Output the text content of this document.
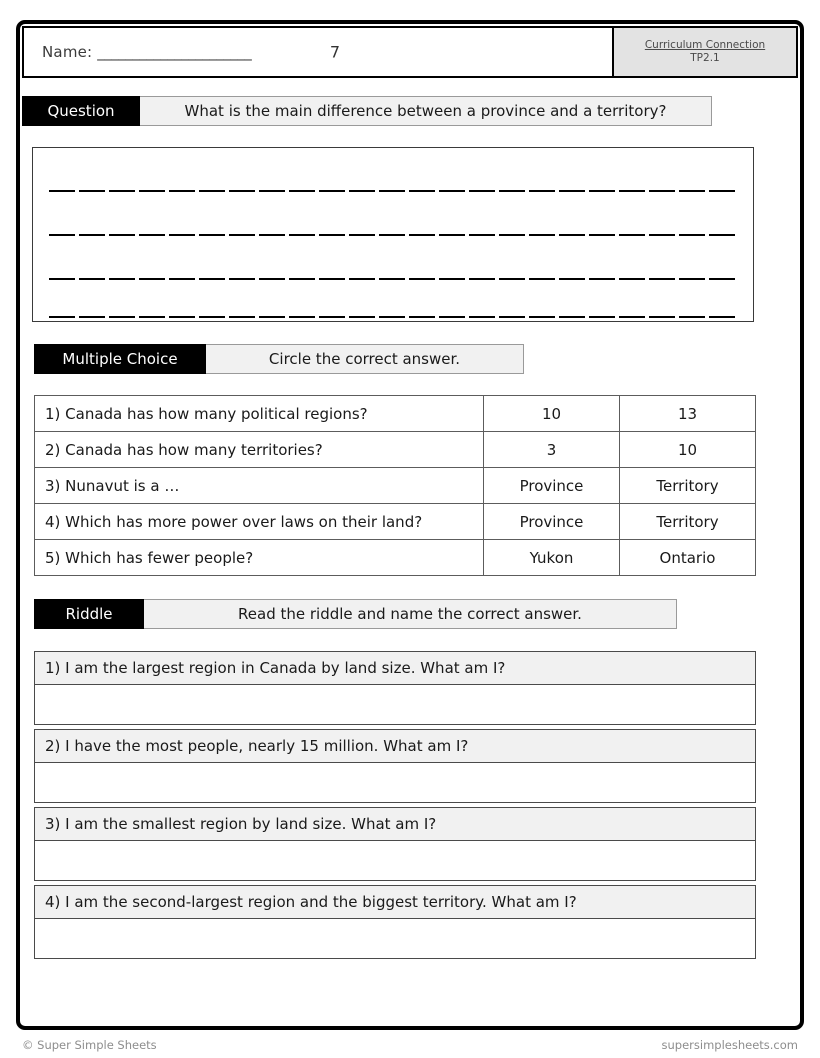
Name: ______________________	7	Curriculum Connection
TP2.1
Question	What is the main difference between a province and a territory?
Multiple Choice	Circle the correct answer.
1) Canada has how many political regions?	10	13
2) Canada has how many territories?	3	10
3) Nunavut is a …	Province	Territory
4) Which has more power over laws on their land?	Province	Territory
5) Which has fewer people?	Yukon	Ontario
Riddle	Read the riddle and name the correct answer.
1) I am the largest region in Canada by land size. What am I?

2) I have the most people, nearly 15 million. What am I?

3) I am the smallest region by land size. What am I?

4) I am the second-largest region and the biggest territory. What am I?

© Super Simple Sheets	supersimplesheets.com
